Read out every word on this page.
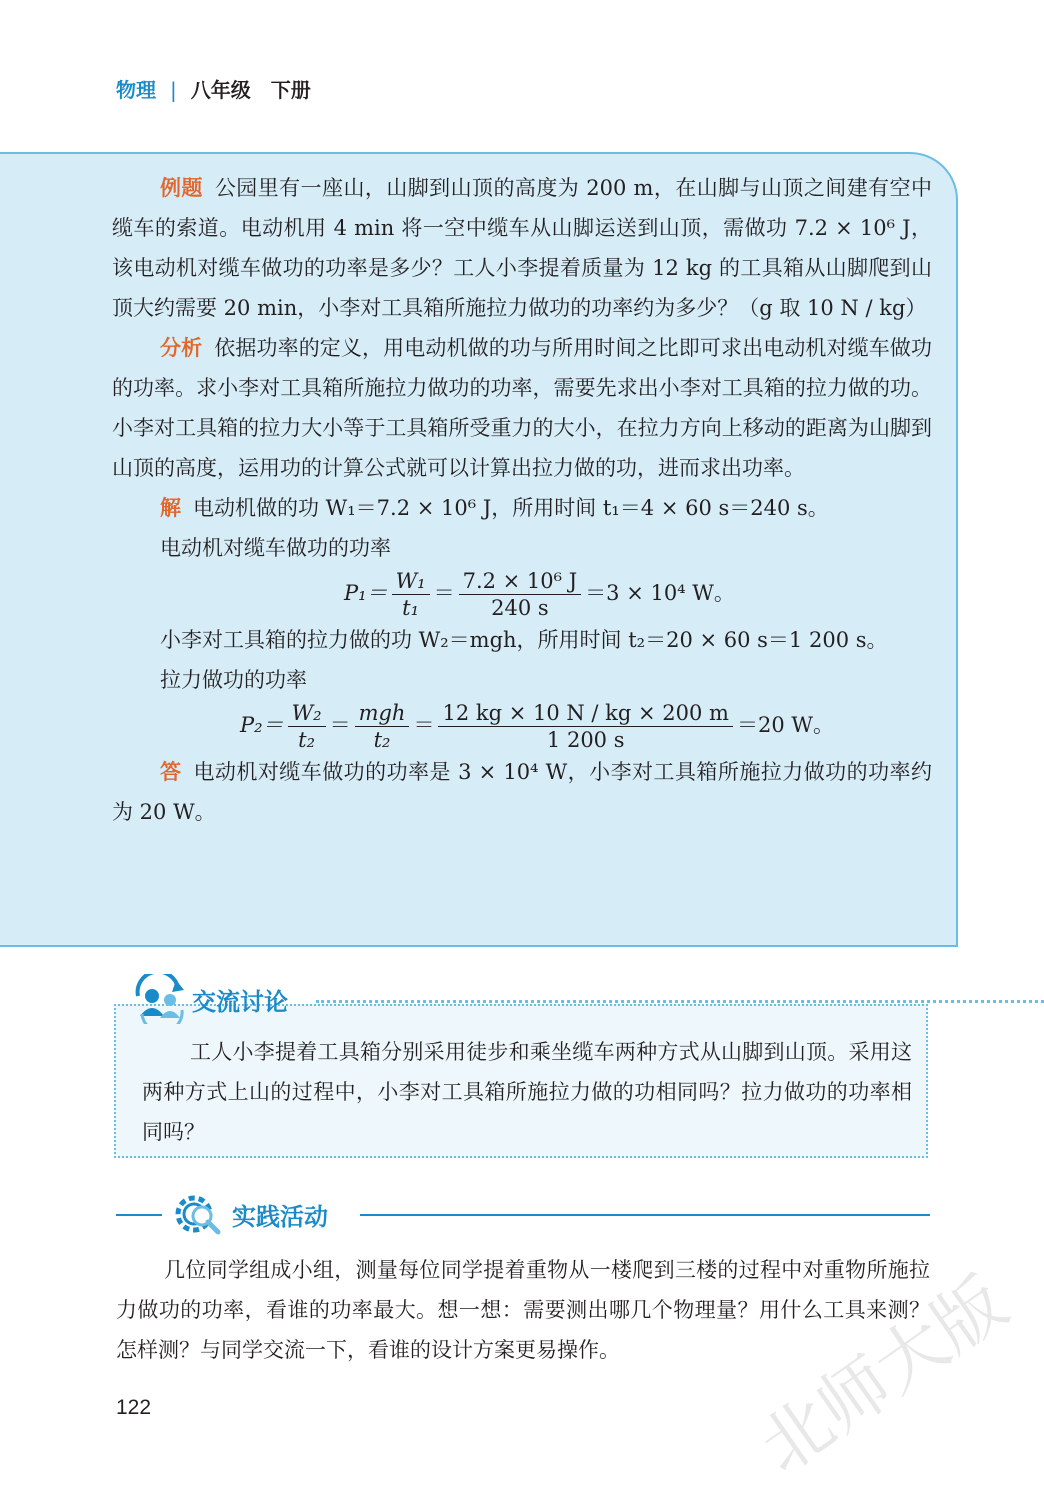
物理 | 八年级　下册

例题 公园里有一座山，山脚到山顶的高度为 200 m，在山脚与山顶之间建有空中缆车的索道。电动机用 4 min 将一空中缆车从山脚运送到山顶，需做功 7.2 × 10⁶ J，该电动机对缆车做功的功率是多少？工人小李提着质量为 12 kg 的工具箱从山脚爬到山顶大约需要 20 min，小李对工具箱所施拉力做功的功率约为多少？（g 取 10 N / kg）

分析 依据功率的定义，用电动机做的功与所用时间之比即可求出电动机对缆车做功的功率。求小李对工具箱所施拉力做功的功率，需要先求出小李对工具箱的拉力做的功。小李对工具箱的拉力大小等于工具箱所受重力的大小，在拉力方向上移动的距离为山脚到山顶的高度，运用功的计算公式就可以计算出拉力做的功，进而求出功率。

解 电动机做的功 W₁＝7.2 × 10⁶ J，所用时间 t₁＝4 × 60 s＝240 s。

电动机对缆车做功的功率

$P_1= \frac{\text{W₁}}{\text{t₁}} = \frac{\text{7.2 × 10⁶ J}}{240 s} =3 \times 10^4$ W。

小李对工具箱的拉力做的功 W₂＝mgh，所用时间 t₂＝20 × 60 s＝1 200 s。

拉力做功的功率

$P_2= \frac{\text{W₂}}{\text{t₂}} = \frac{\text{mgh}}{\text{t₂}} = \frac{12 kg \times 10 N / kg \times 200 m}{1 200 s} =20$ W。

答 电动机对缆车做功的功率是 3 × 10⁴ W，小李对工具箱所施拉力做功的功率约为 20 W。

工人小李提着工具箱分别采用徒步和乘坐缆车两种方式从山脚到山顶。采用这两种方式上山的过程中，小李对工具箱所施拉力做的功相同吗？拉力做功的功率相同吗？

交流讨论
实践活动

几位同学组成小组，测量每位同学提着重物从一楼爬到三楼的过程中对重物所施拉力做功的功率，看谁的功率最大。想一想：需要测出哪几个物理量？用什么工具来测？怎样测？与同学交流一下，看谁的设计方案更易操作。

122	北师大版
